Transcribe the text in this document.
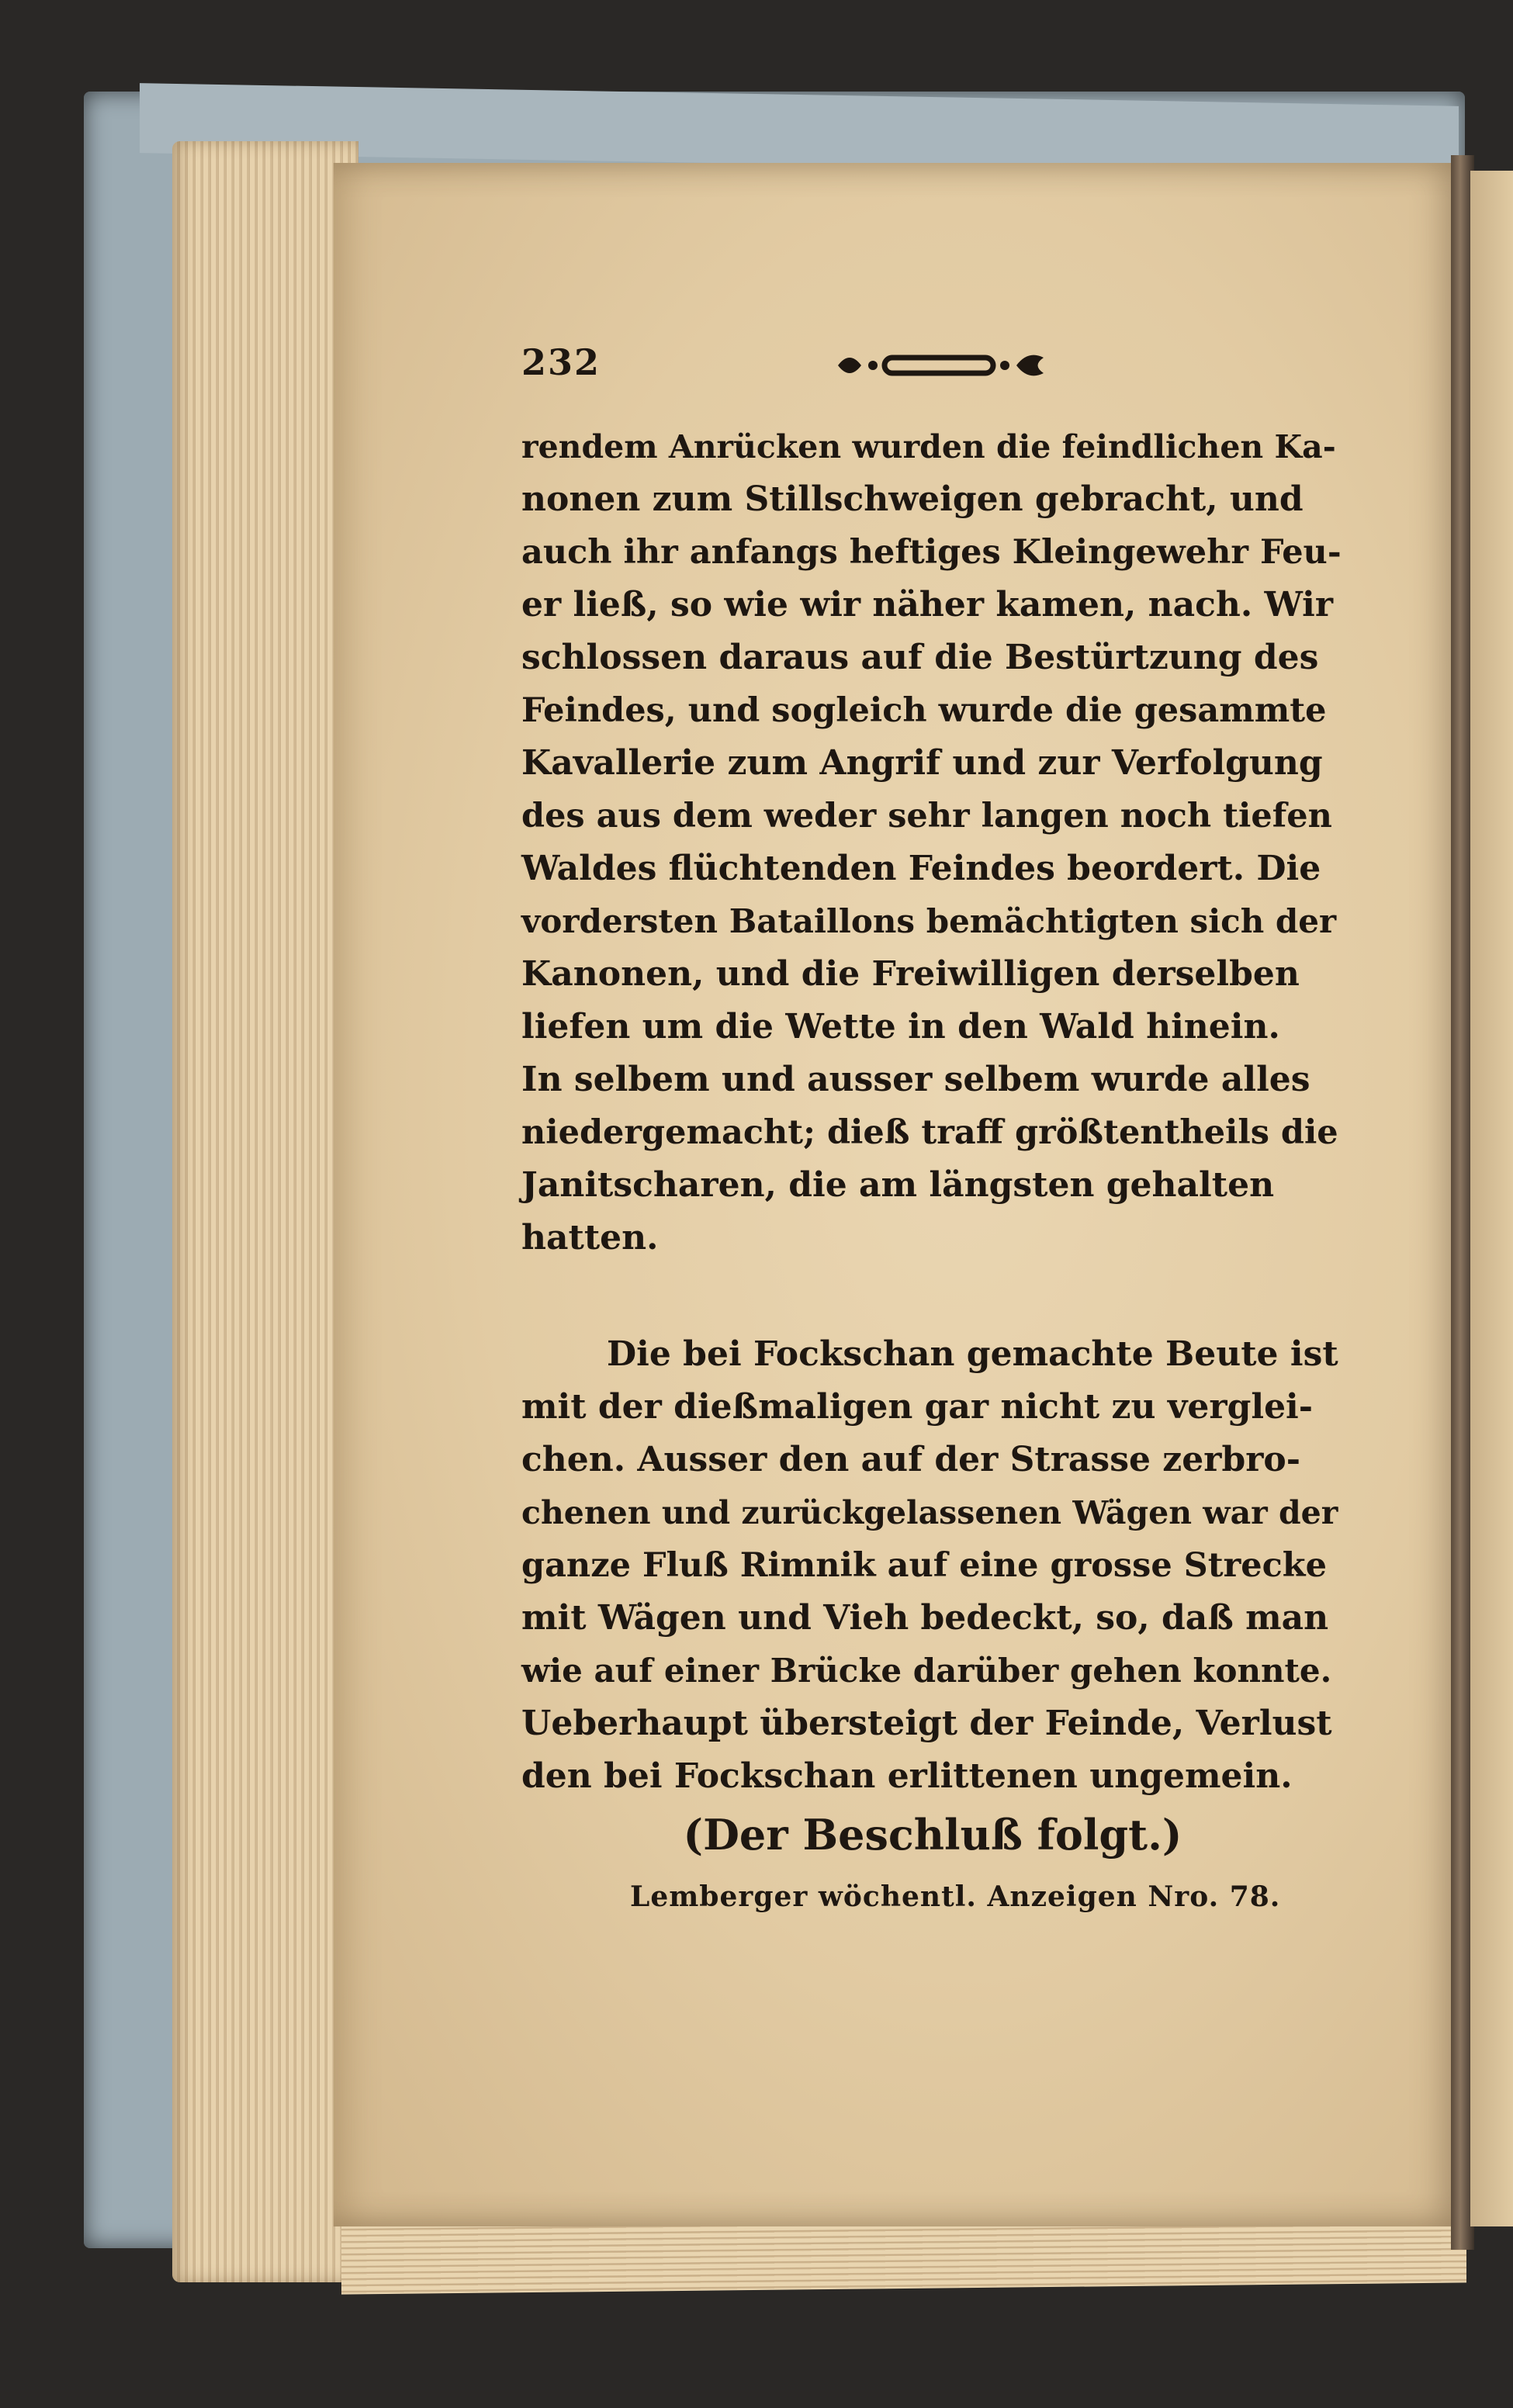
232
rendem Anrücken wurden die feindlichen Ka-
nonen zum Stillschweigen gebracht, und
auch ihr anfangs heftiges Kleingewehr Feu-
er ließ, so wie wir näher kamen, nach. Wir
schlossen daraus auf die Bestürtzung des
Feindes, und sogleich wurde die gesammte
Kavallerie zum Angrif und zur Verfolgung
des aus dem weder sehr langen noch tiefen
Waldes flüchtenden Feindes beordert. Die
vordersten Bataillons bemächtigten sich der
Kanonen, und die Freiwilligen derselben
liefen um die Wette in den Wald hinein.
In selbem und ausser selbem wurde alles
niedergemacht; dieß traff größtentheils die
Janitscharen, die am längsten gehalten
hatten.
Die bei Fockschan gemachte Beute ist
mit der dießmaligen gar nicht zu verglei-
chen. Ausser den auf der Strasse zerbro-
chenen und zurückgelassenen Wägen war der
ganze Fluß Rimnik auf eine grosse Strecke
mit Wägen und Vieh bedeckt, so, daß man
wie auf einer Brücke darüber gehen konnte.
Ueberhaupt übersteigt der Feinde, Verlust
den bei Fockschan erlittenen ungemein.
(Der Beschluß folgt.)
Lemberger wöchentl. Anzeigen Nro. 78.
